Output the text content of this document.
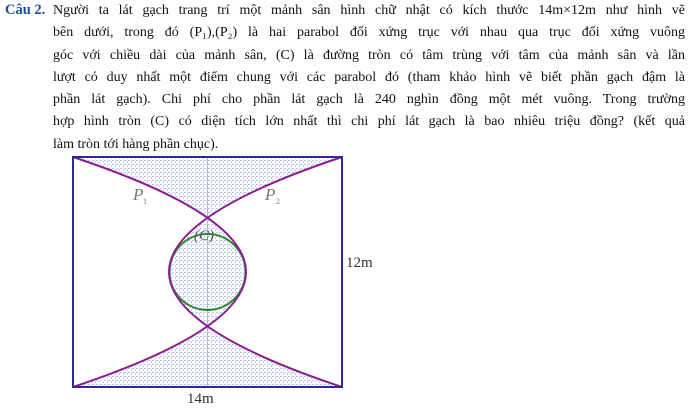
Câu 2. Người ta lát gạch trang trí một mảnh sân hình chữ nhật có kích thước 14m×12m như hình vẽ
bên dưới, trong đó (P₁),(P₂) là hai parabol đối xứng trục với nhau qua trục đối xứng vuông
góc với chiều dài của mảnh sân, (C) là đường tròn có tâm trùng với tâm của mảnh sân và lần
lượt có duy nhất một điểm chung với các parabol đó (tham khảo hình vẽ biết phần gạch đậm là
phần lát gạch). Chi phí cho phần lát gạch là 240 nghìn đồng một mét vuông. Trong trường
hợp hình tròn (C) có diện tích lớn nhất thì chi phí lát gạch là bao nhiêu triệu đồng? (kết quả
làm tròn tới hàng phần chục).
P 1	P 2
(C)
12m
14m
